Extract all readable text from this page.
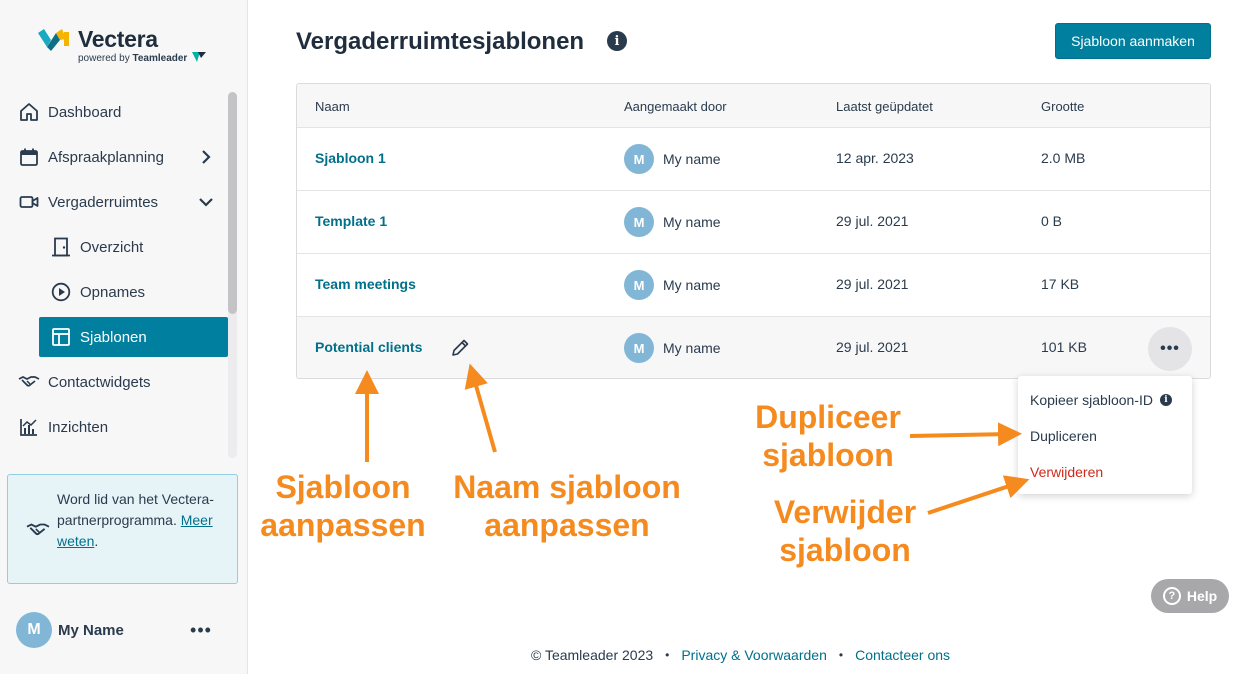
Vectera
powered by Teamleader
Dashboard
Afspraakplanning
Vergaderruimtes
Overzicht
Opnames
Sjablonen
Contactwidgets
Inzichten
Word lid van het Vectera-partnerprogramma. Meer weten.
M	My Name	•••
Vergaderruimtesjablonen	i	Sjabloon aanmaken
Naam	Aangemaakt door	Laatst geüpdatet	Grootte
Sjabloon 1	M	My name	12 apr. 2023	2.0 MB
Template 1	M	My name	29 jul. 2021	0 B
Team meetings	M	My name	29 jul. 2021	17 KB
Potential clients	M	My name	29 jul. 2021	101 KB	•••
Kopieer sjabloon-ID	i
Dupliceren
Verwijderen
Sjabloon
aanpassen
Naam sjabloon
aanpassen
Dupliceer
sjabloon
Verwijder
sjabloon
? Help
© Teamleader 2023 • Privacy & Voorwaarden • Contacteer ons
